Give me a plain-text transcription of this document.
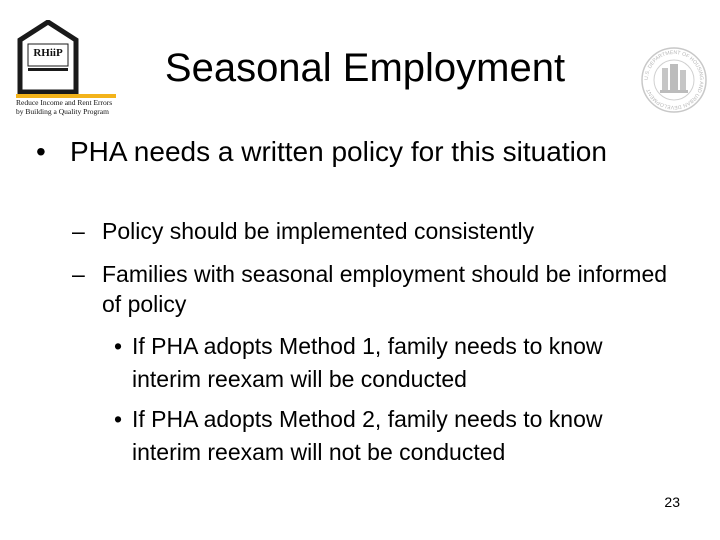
RHiiP
Reduce Income and Rent Errors by Building a Quality Program
U.S. DEPARTMENT OF HOUSING AND URBAN DEVELOPMENT
Seasonal Employment
• PHA needs a written policy for this situation
– Policy should be implemented consistently
– Families with seasonal employment should be informed of policy
• If PHA adopts Method 1, family needs to know interim reexam will be conducted
• If PHA adopts Method 2, family needs to know interim reexam will not be conducted
23
